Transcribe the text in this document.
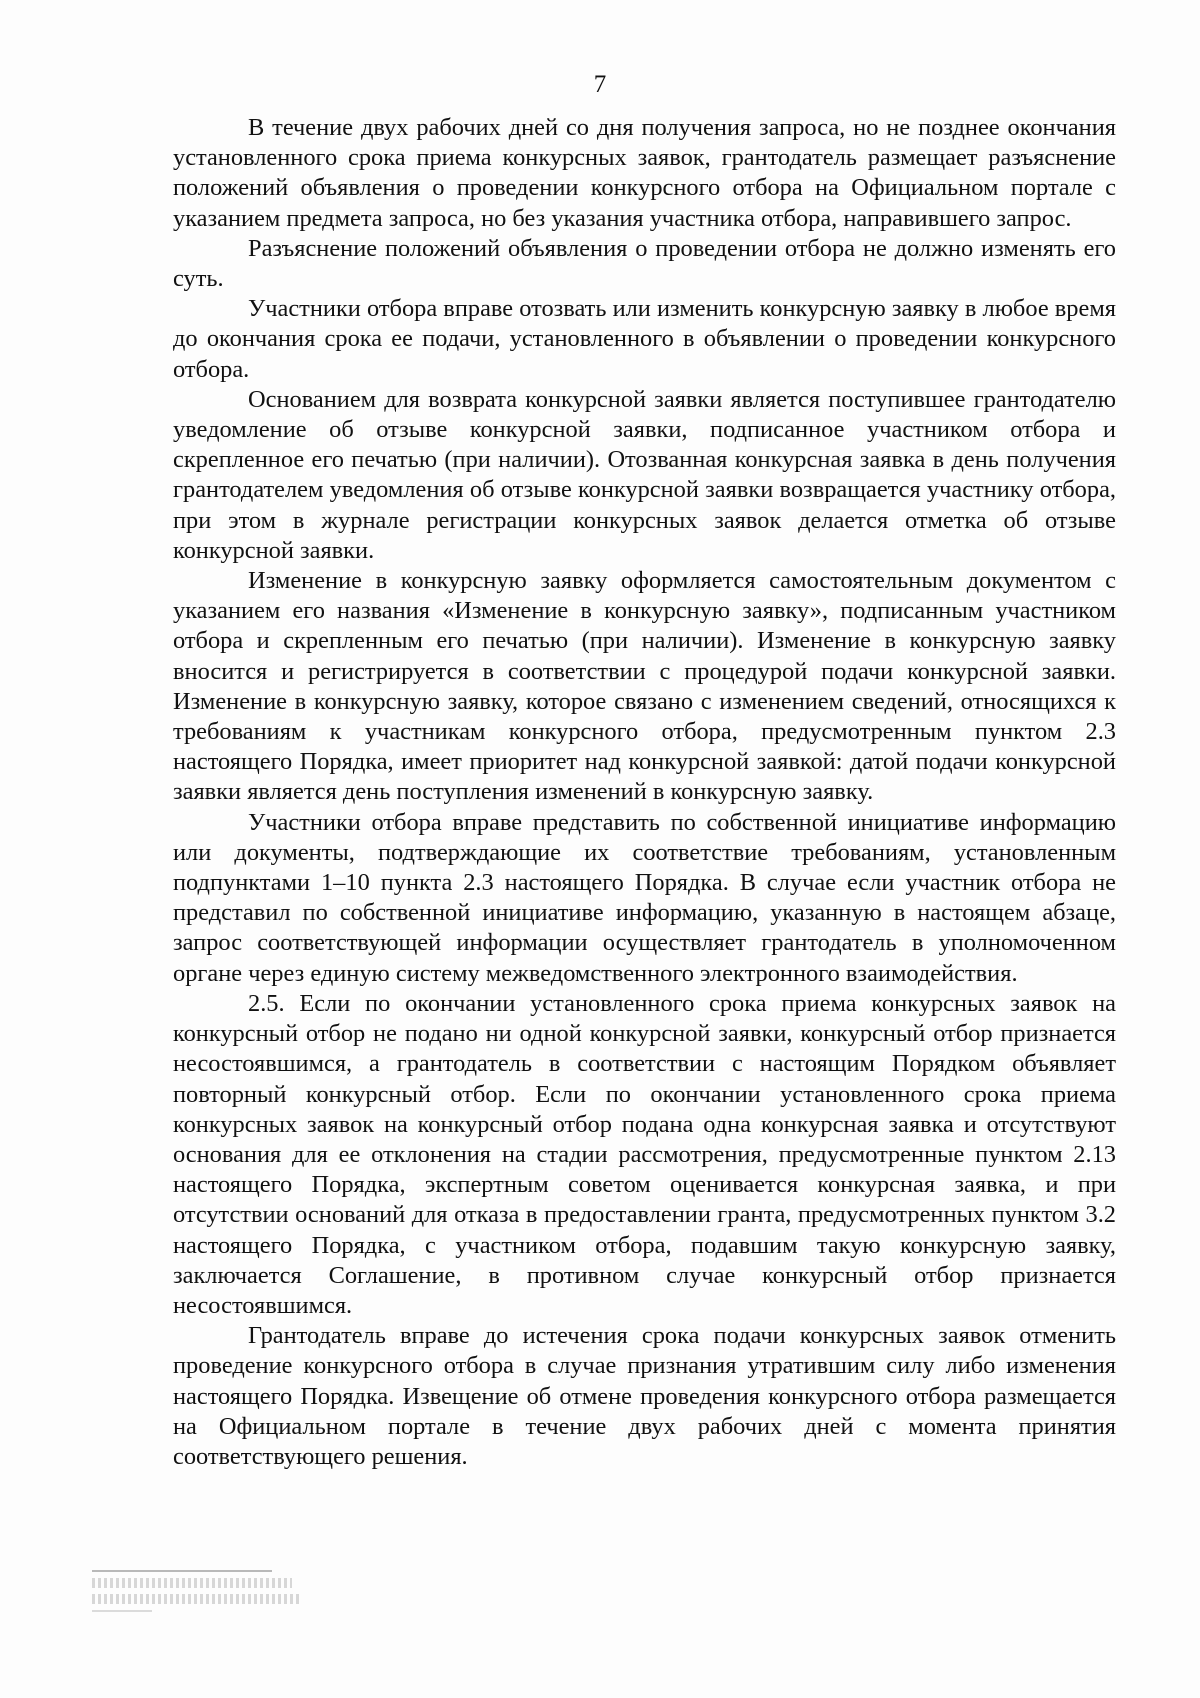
7

В течение двух рабочих дней со дня получения запроса, но не позднее окончания установленного срока приема конкурсных заявок, грантодатель размещает разъяснение положений объявления о проведении конкурсного отбора на Официальном портале с указанием предмета запроса, но без указания участника отбора, направившего запрос.

Разъяснение положений объявления о проведении отбора не должно изменять его суть.

Участники отбора вправе отозвать или изменить конкурсную заявку в любое время до окончания срока ее подачи, установленного в объявлении о проведении конкурсного отбора.

Основанием для возврата конкурсной заявки является поступившее грантодателю уведомление об отзыве конкурсной заявки, подписанное участником отбора и скрепленное его печатью (при наличии). Отозванная конкурсная заявка в день получения грантодателем уведомления об отзыве конкурсной заявки возвращается участнику отбора, при этом в журнале регистрации конкурсных заявок делается отметка об отзыве конкурсной заявки.

Изменение в конкурсную заявку оформляется самостоятельным документом с указанием его названия «Изменение в конкурсную заявку», подписанным участником отбора и скрепленным его печатью (при наличии). Изменение в конкурсную заявку вносится и регистрируется в соответствии с процедурой подачи конкурсной заявки. Изменение в конкурсную заявку, которое связано с изменением сведений, относящихся к требованиям к участникам конкурсного отбора, предусмотренным пунктом 2.3 настоящего Порядка, имеет приоритет над конкурсной заявкой: датой подачи конкурсной заявки является день поступления изменений в конкурсную заявку.

Участники отбора вправе представить по собственной инициативе информацию или документы, подтверждающие их соответствие требованиям, установленным подпунктами 1–10 пункта 2.3 настоящего Порядка. В случае если участник отбора не представил по собственной инициативе информацию, указанную в настоящем абзаце, запрос соответствующей информации осуществляет грантодатель в уполномоченном органе через единую систему межведомственного электронного взаимодействия.

2.5. Если по окончании установленного срока приема конкурсных заявок на конкурсный отбор не подано ни одной конкурсной заявки, конкурсный отбор признается несостоявшимся, а грантодатель в соответствии с настоящим Порядком объявляет повторный конкурсный отбор. Если по окончании установленного срока приема конкурсных заявок на конкурсный отбор подана одна конкурсная заявка и отсутствуют основания для ее отклонения на стадии рассмотрения, предусмотренные пунктом 2.13 настоящего Порядка, экспертным советом оценивается конкурсная заявка, и при отсутствии оснований для отказа в предоставлении гранта, предусмотренных пунктом 3.2 настоящего Порядка, с участником отбора, подавшим такую конкурсную заявку, заключается Соглашение, в противном случае конкурсный отбор признается несостоявшимся.

Грантодатель вправе до истечения срока подачи конкурсных заявок отменить проведение конкурсного отбора в случае признания утратившим силу либо изменения настоящего Порядка. Извещение об отмене проведения конкурсного отбора размещается на Официальном портале в течение двух рабочих дней с момента принятия соответствующего решения.
